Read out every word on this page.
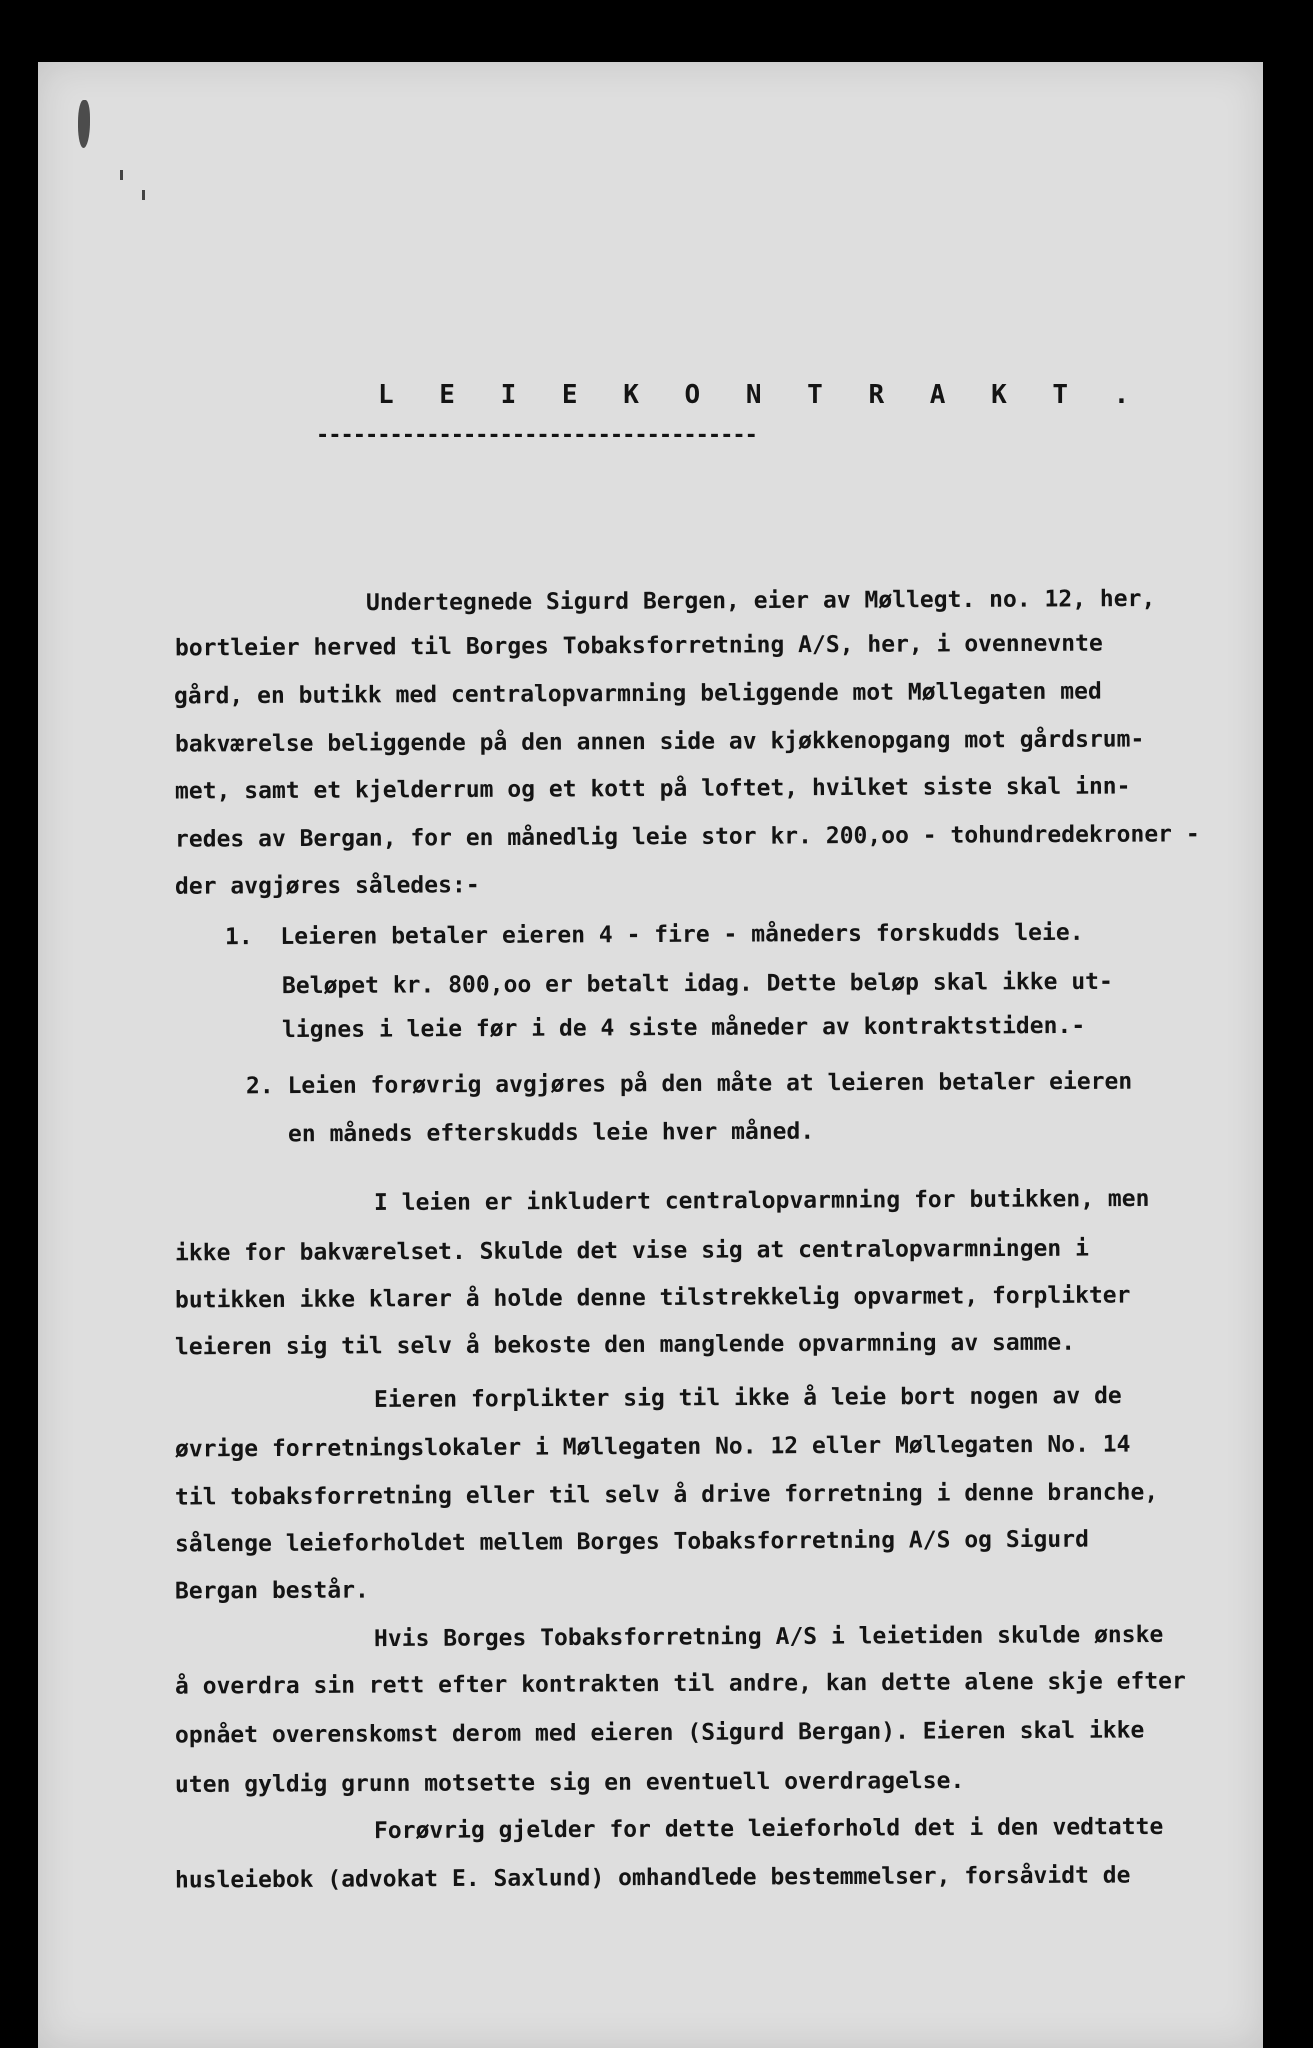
L E I E K O N T R A K T .
------------------------------------
Undertegnede Sigurd Bergen, eier av Møllegt. no. 12, her,
bortleier herved til Borges Tobaksforretning A/S, her, i ovennevnte
gård, en butikk med centralopvarmning beliggende mot Møllegaten med
bakværelse beliggende på den annen side av kjøkkenopgang mot gårdsrum-
met, samt et kjelderrum og et kott på loftet, hvilket siste skal inn-
redes av Bergan, for en månedlig leie stor kr. 200,oo - tohundredekroner -
der avgjøres således:-
1.  Leieren betaler eieren 4 - fire - måneders forskudds leie.
Beløpet kr. 800,oo er betalt idag. Dette beløp skal ikke ut-
lignes i leie før i de 4 siste måneder av kontraktstiden.-
2. Leien forøvrig avgjøres på den måte at leieren betaler eieren
en måneds efterskudds leie hver måned.
I leien er inkludert centralopvarmning for butikken, men
ikke for bakværelset. Skulde det vise sig at centralopvarmningen i
butikken ikke klarer å holde denne tilstrekkelig opvarmet, forplikter
leieren sig til selv å bekoste den manglende opvarmning av samme.
Eieren forplikter sig til ikke å leie bort nogen av de
øvrige forretningslokaler i Møllegaten No. 12 eller Møllegaten No. 14
til tobaksforretning eller til selv å drive forretning i denne branche,
sålenge leieforholdet mellem Borges Tobaksforretning A/S og Sigurd
Bergan består.
Hvis Borges Tobaksforretning A/S i leietiden skulde ønske
å overdra sin rett efter kontrakten til andre, kan dette alene skje efter
opnået overenskomst derom med eieren (Sigurd Bergan). Eieren skal ikke
uten gyldig grunn motsette sig en eventuell overdragelse.
Forøvrig gjelder for dette leieforhold det i den vedtatte
husleiebok (advokat E. Saxlund) omhandlede bestemmelser, forsåvidt de
